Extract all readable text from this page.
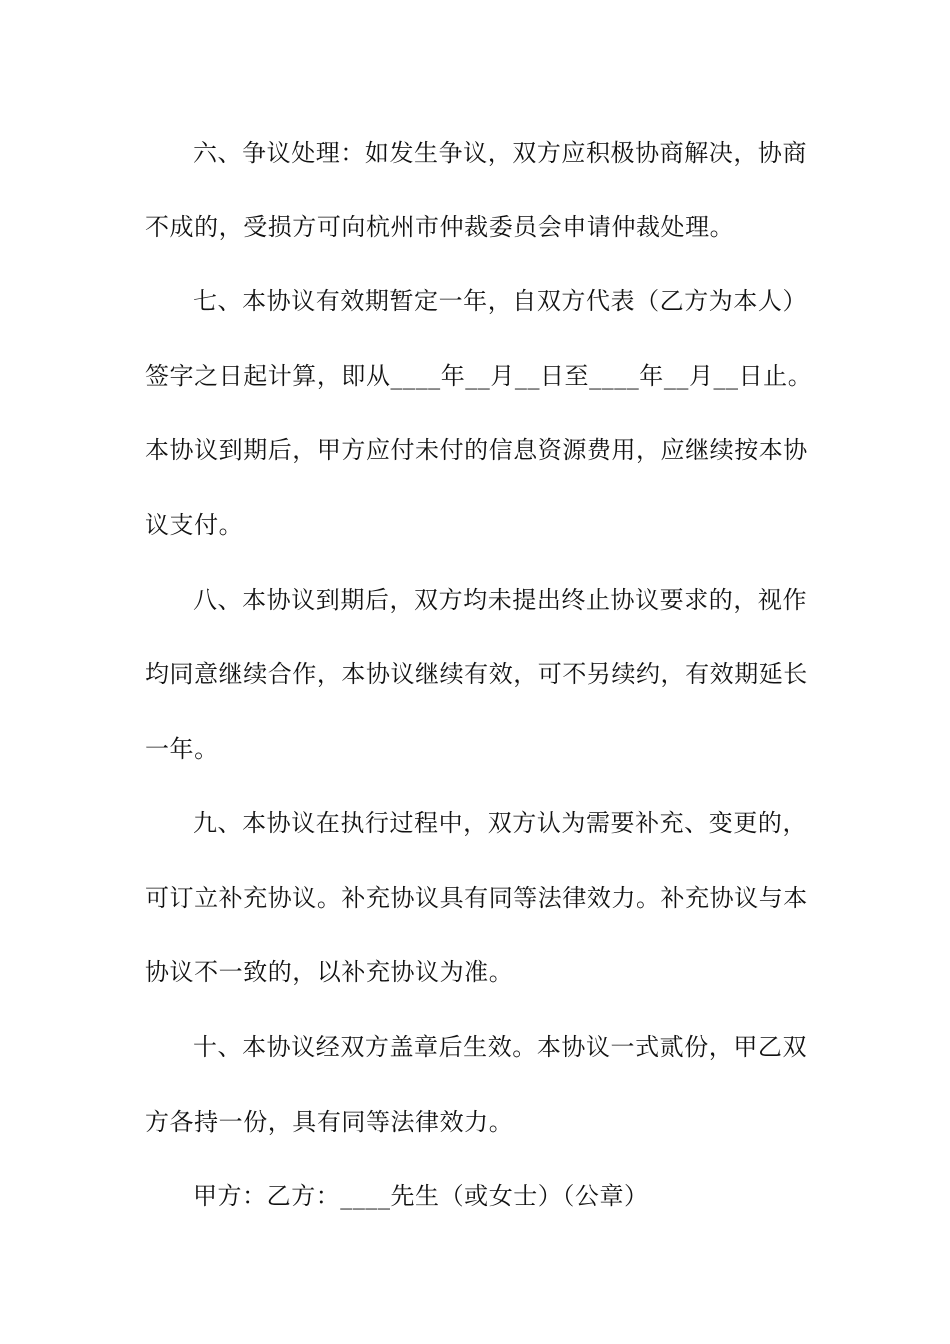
六、争议处理：如发生争议，双方应积极协商解决，协商
不成的，受损方可向杭州市仲裁委员会申请仲裁处理。
七、本协议有效期暂定一年，自双方代表（乙方为本人）
签字之日起计算，即从____年__月__日至____年__月__日止。
本协议到期后，甲方应付未付的信息资源费用，应继续按本协
议支付。
八、本协议到期后，双方均未提出终止协议要求的，视作
均同意继续合作，本协议继续有效，可不另续约，有效期延长
一年。
九、本协议在执行过程中，双方认为需要补充、变更的，
可订立补充协议。补充协议具有同等法律效力。补充协议与本
协议不一致的，以补充协议为准。
十、本协议经双方盖章后生效。本协议一式贰份，甲乙双
方各持一份，具有同等法律效力。
甲方：乙方：____先生（或女士）（公章）
